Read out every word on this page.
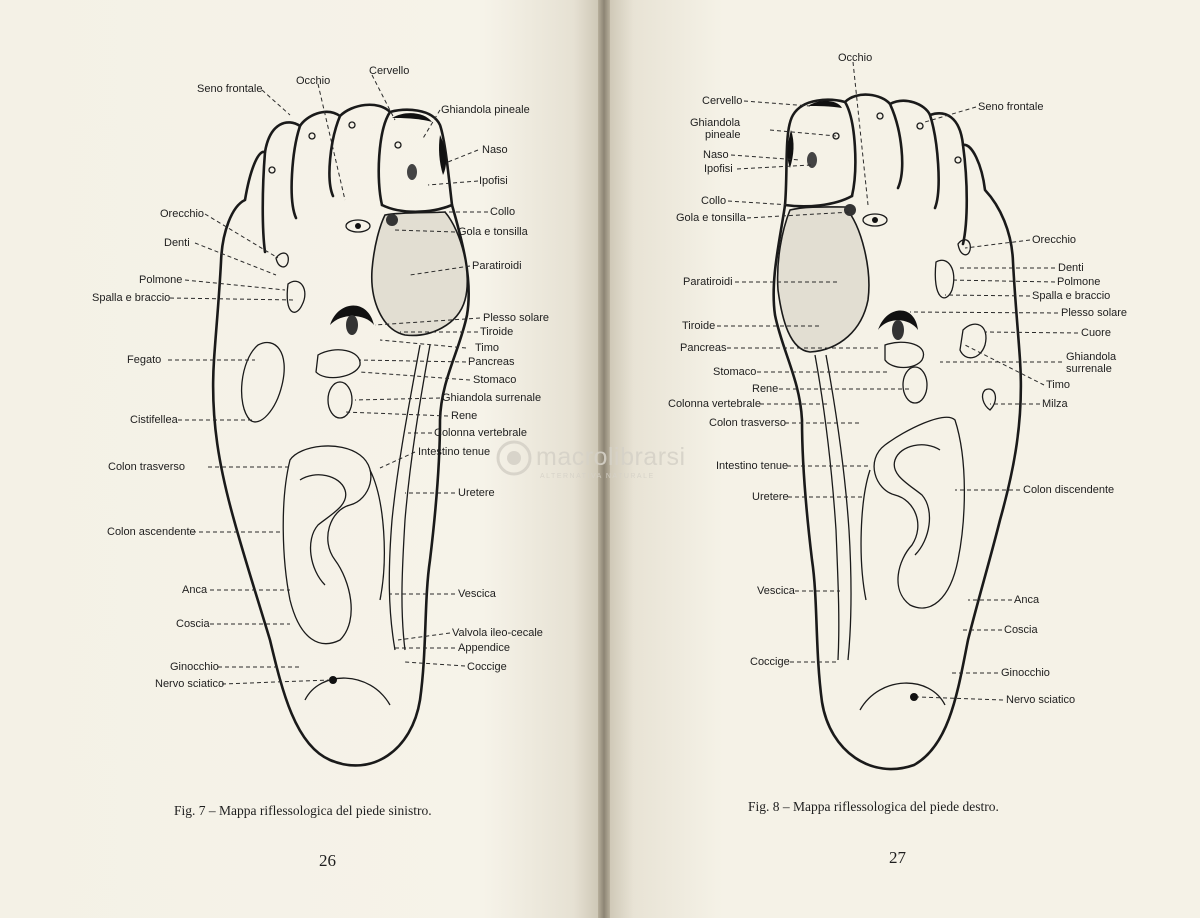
Seno frontale
Occhio
Cervello
Ghiandola pineale
Naso
Ipofisi
Collo
Gola e tonsilla
Orecchio
Denti
Paratiroidi
Polmone
Spalla e braccio
Plesso solare
Tiroide
Timo
Fegato	Pancreas
Stomaco
Ghiandola surrenale
Cistifellea	Rene
Colonna vertebrale
Intestino tenue
Colon trasverso
Uretere
Colon ascendente
Anca	Vescica
Coscia
Valvola ileo-cecale
Appendice
Ginocchio	Coccige
Nervo sciatico
Fig. 7 – Mappa riflessologica del piede sinistro.
26
Occhio
Cervello	Seno frontale
Ghiandola
pineale
Naso
Ipofisi
Collo
Gola e tonsilla
Orecchio
Denti
Paratiroidi	Polmone
Spalla e braccio
Plesso solare
Tiroide
Cuore
Pancreas
Ghiandola
surrenale
Stomaco
Rene	Timo
Colonna vertebrale	Milza
Colon trasverso
Intestino tenue
Colon discendente
Uretere
Vescica
Anca
Coscia
Coccige
Ginocchio
Nervo sciatico
Fig. 8 – Mappa riflessologica del piede destro.
27
macrolibrarsi
ALTERNATIVA NATURALE
